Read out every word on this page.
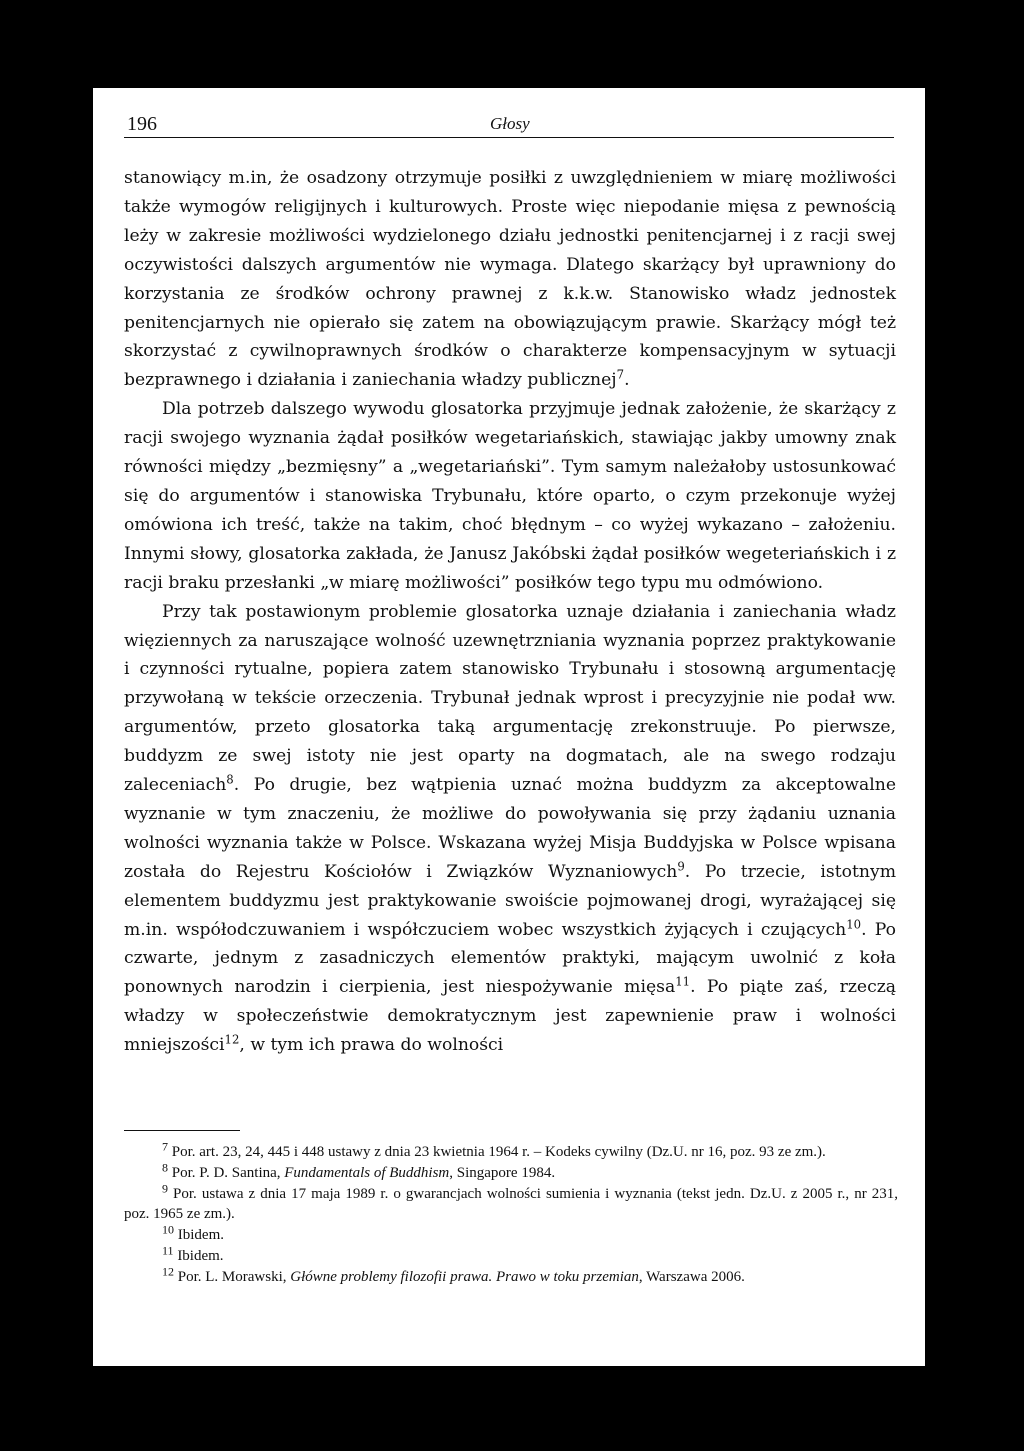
196	Głosy

stanowiący m.in, że osadzony otrzymuje posiłki z uwzględnieniem w miarę możliwości także wymogów religijnych i kulturowych. Proste więc niepodanie mięsa z pewnością leży w zakresie możliwości wydzielonego działu jednostki penitencjarnej i z racji swej oczywistości dalszych argumentów nie wymaga. Dlatego skarżący był uprawniony do korzystania ze środków ochrony prawnej z k.k.w. Stanowisko władz jednostek penitencjarnych nie opierało się zatem na obowiązującym prawie. Skarżący mógł też skorzystać z cywilnoprawnych środków o charakterze kompensacyjnym w sytuacji bezprawnego i działania i zaniechania władzy publicznej$^7$.

Dla potrzeb dalszego wywodu glosatorka przyjmuje jednak założenie, że skarżący z racji swojego wyznania żądał posiłków wegetariańskich, stawiając jakby umowny znak równości między „bezmięsny” a „wegetariański”. Tym samym należałoby ustosunkować się do argumentów i stanowiska Trybunału, które oparto, o czym przekonuje wyżej omówiona ich treść, także na takim, choć błędnym – co wyżej wykazano – założeniu. Innymi słowy, glosatorka zakłada, że Janusz Jakóbski żądał posiłków wegeteriańskich i z racji braku przesłanki „w miarę możliwości” posiłków tego typu mu odmówiono.

Przy tak postawionym problemie glosatorka uznaje działania i zaniechania władz więziennych za naruszające wolność uzewnętrzniania wyznania poprzez praktykowanie i czynności rytualne, popiera zatem stanowisko Trybunału i stosowną argumentację przywołaną w tekście orzeczenia. Trybunał jednak wprost i precyzyjnie nie podał ww. argumentów, przeto glosatorka taką argumentację zrekonstruuje. Po pierwsze, buddyzm ze swej istoty nie jest oparty na dogmatach, ale na swego rodzaju zaleceniach$^8$. Po drugie, bez wątpienia uznać można buddyzm za akceptowalne wyznanie w tym znaczeniu, że możliwe do powoływania się przy żądaniu uznania wolności wyznania także w Polsce. Wskazana wyżej Misja Buddyjska w Polsce wpisana została do Rejestru Kościołów i Związków Wyznaniowych$^9$. Po trzecie, istotnym elementem buddyzmu jest praktykowanie swoiście pojmowanej drogi, wyrażającej się m.in. współodczuwaniem i współczuciem wobec wszystkich żyjących i czujących$^{10}$. Po czwarte, jednym z zasadniczych elementów praktyki, mającym uwolnić z koła ponownych narodzin i cierpienia, jest niespożywanie mięsa$^{11}$. Po piąte zaś, rzeczą władzy w społeczeństwie demokratycznym jest zapewnienie praw i wolności mniejszości$^{12}$, w tym ich prawa do wolności

$^7$ Por. art. 23, 24, 445 i 448 ustawy z dnia 23 kwietnia 1964 r. – Kodeks cywilny (Dz.U. nr 16, poz. 93 ze zm.).

$^8$ Por. P. D. Santina, Fundamentals of Buddhism, Singapore 1984.

$^9$ Por. ustawa z dnia 17 maja 1989 r. o gwarancjach wolności sumienia i wyznania (tekst jedn. Dz.U. z 2005 r., nr 231, poz. 1965 ze zm.).

$^{10}$ Ibidem.

$^{11}$ Ibidem.

$^{12}$ Por. L. Morawski, Główne problemy filozofii prawa. Prawo w toku przemian, Warszawa 2006.
